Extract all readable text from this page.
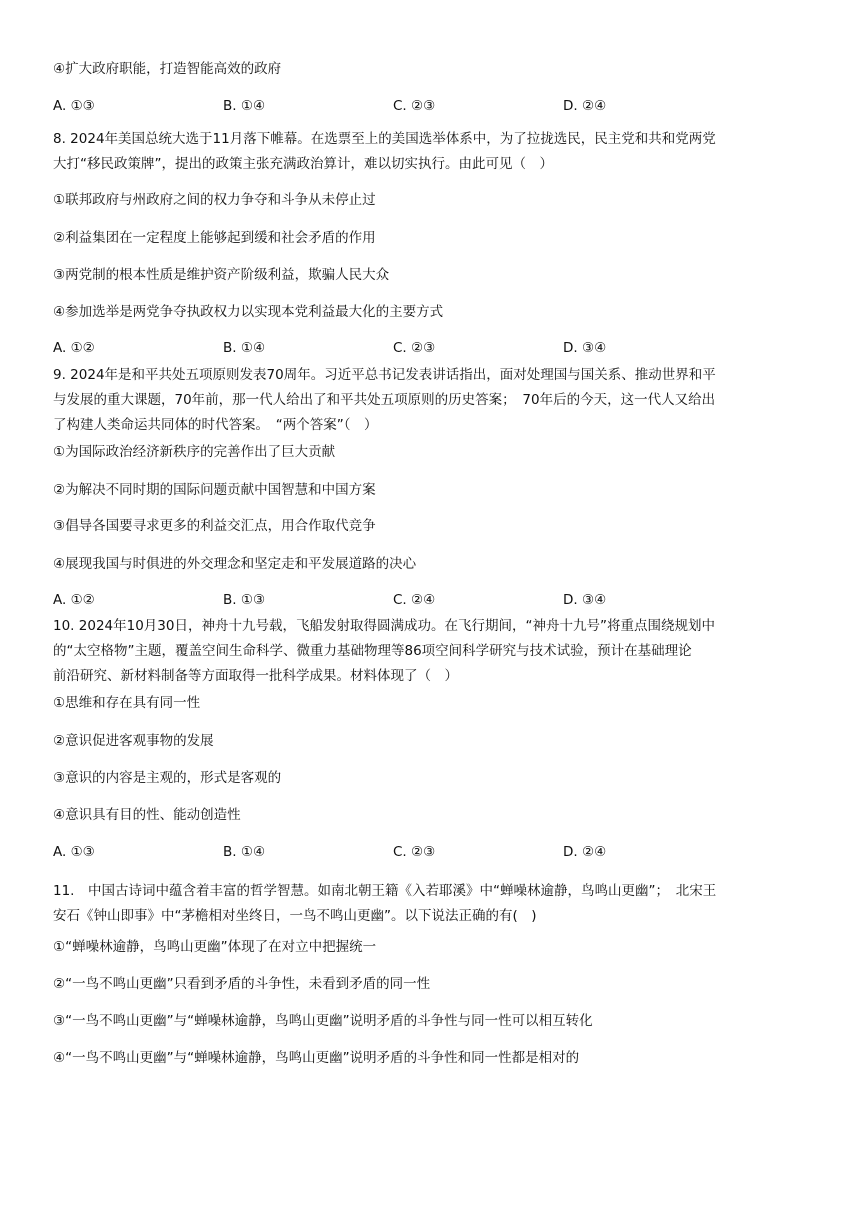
④扩大政府职能，打造智能高效的政府
A. ①③	B. ①④	C. ②③	D. ②④
8. 2024年美国总统大选于11月落下帷幕。在选票至上的美国选举体系中，为了拉拢选民，民主党和共和党两党
大打“移民政策牌”，提出的政策主张充满政治算计，难以切实执行。由此可见（　）
①联邦政府与州政府之间的权力争夺和斗争从未停止过
②利益集团在一定程度上能够起到缓和社会矛盾的作用
③两党制的根本性质是维护资产阶级利益，欺骗人民大众
④参加选举是两党争夺执政权力以实现本党利益最大化的主要方式
A. ①②	B. ①④	C. ②③	D. ③④
9. 2024年是和平共处五项原则发表70周年。习近平总书记发表讲话指出，面对处理国与国关系、推动世界和平
与发展的重大课题，70年前，那一代人给出了和平共处五项原则的历史答案；　70年后的今天，这一代人又给出
了构建人类命运共同体的时代答案。　“两个答案”（　）
①为国际政治经济新秩序的完善作出了巨大贡献
②为解决不同时期的国际问题贡献中国智慧和中国方案
③倡导各国要寻求更多的利益交汇点，用合作取代竞争
④展现我国与时俱进的外交理念和坚定走和平发展道路的决心
A. ①②	B. ①③	C. ②④	D. ③④
10. 2024年10月30日，神舟十九号载，飞船发射取得圆满成功。在飞行期间，“神舟十九号”将重点围绕规划中
的“太空格物”主题，覆盖空间生命科学、微重力基础物理等86项空间科学研究与技术试验，预计在基础理论
前沿研究、新材料制备等方面取得一批科学成果。材料体现了（　）
①思维和存在具有同一性
②意识促进客观事物的发展
③意识的内容是主观的，形式是客观的
④意识具有目的性、能动创造性
A. ①③	B. ①④	C. ②③	D. ②④
11.　中国古诗词中蕴含着丰富的哲学智慧。如南北朝王籍《入若耶溪》中“蝉噪林逾静，鸟鸣山更幽”；　北宋王
安石《钟山即事》中“茅檐相对坐终日，一鸟不鸣山更幽”。以下说法正确的有(　)
①“蝉噪林逾静，鸟鸣山更幽”体现了在对立中把握统一
②“一鸟不鸣山更幽”只看到矛盾的斗争性，未看到矛盾的同一性
③“一鸟不鸣山更幽”与“蝉噪林逾静，鸟鸣山更幽”说明矛盾的斗争性与同一性可以相互转化
④“一鸟不鸣山更幽”与“蝉噪林逾静，鸟鸣山更幽”说明矛盾的斗争性和同一性都是相对的
